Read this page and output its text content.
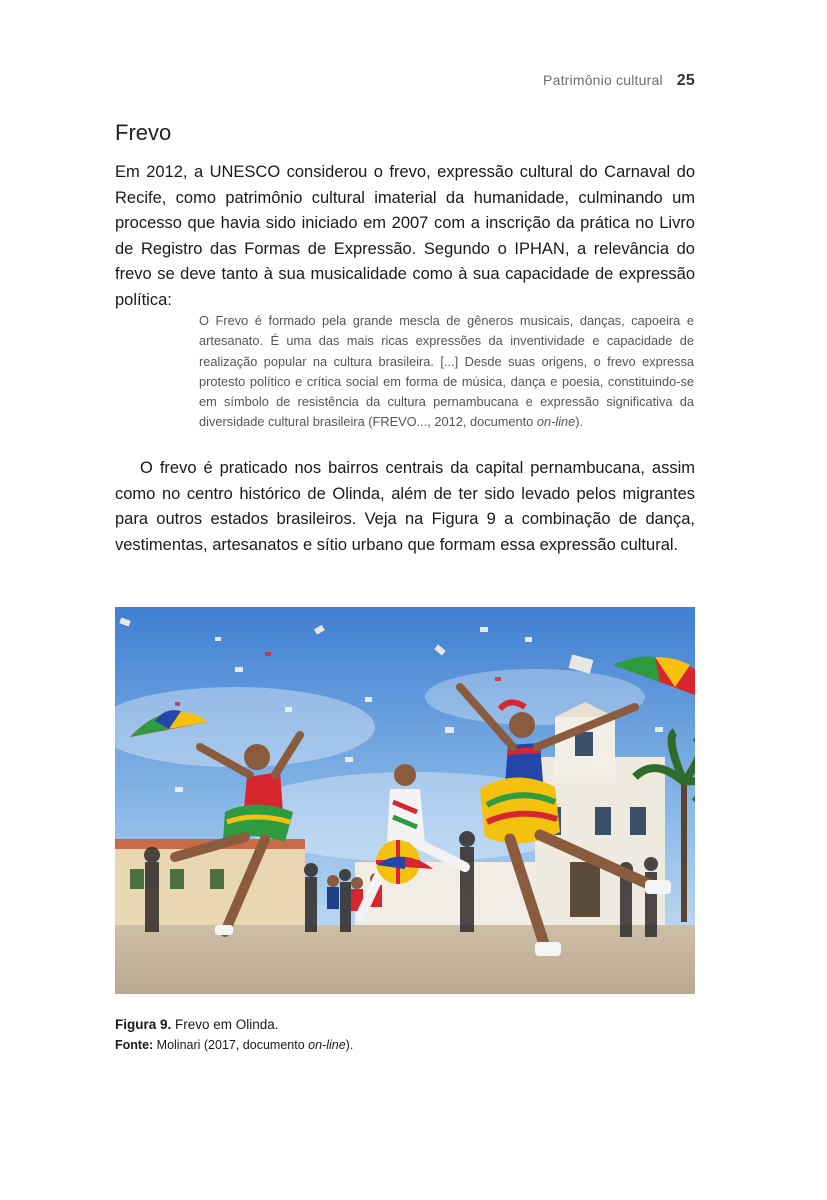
Patrimônio cultural 25
Frevo

Em 2012, a UNESCO considerou o frevo, expressão cultural do Carnaval do Recife, como patrimônio cultural imaterial da humanidade, culminando um processo que havia sido iniciado em 2007 com a inscrição da prática no Livro de Registro das Formas de Expressão. Segundo o IPHAN, a relevância do frevo se deve tanto à sua musicalidade como à sua capacidade de expressão política:

O Frevo é formado pela grande mescla de gêneros musicais, danças, capoeira e artesanato. É uma das mais ricas expressões da inventividade e capacidade de realização popular na cultura brasileira. [...] Desde suas origens, o frevo expressa protesto político e crítica social em forma de música, dança e poesia, constituindo-se em símbolo de resistência da cultura pernambucana e expressão significativa da diversidade cultural brasileira (FREVO..., 2012, documento on-line).

O frevo é praticado nos bairros centrais da capital pernambucana, assim como no centro histórico de Olinda, além de ter sido levado pelos migrantes para outros estados brasileiros. Veja na Figura 9 a combinação de dança, vestimentas, artesanatos e sítio urbano que formam essa expressão cultural.

Figura 9. Frevo em Olinda.
Fonte: Molinari (2017, documento on-line).
